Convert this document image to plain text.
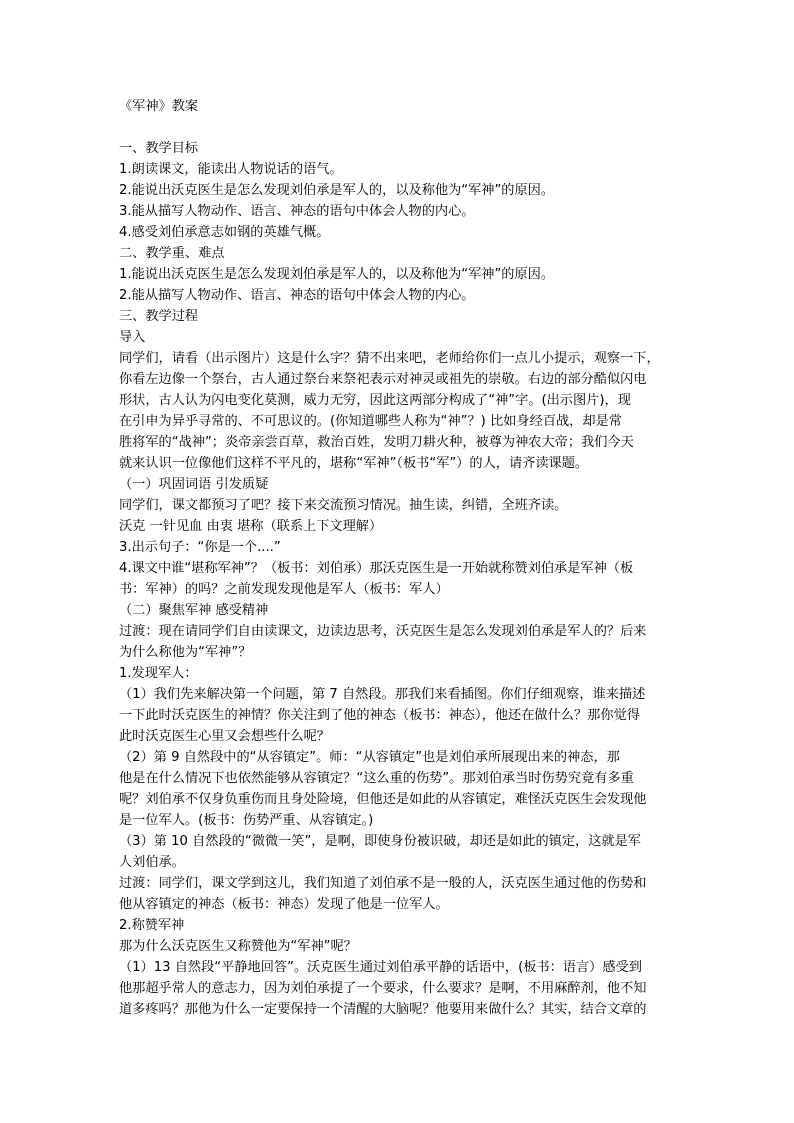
《军神》教案
一、教学目标
1.朗读课文，能读出人物说话的语气。
2.能说出沃克医生是怎么发现刘伯承是军人的，以及称他为“军神”的原因。
3.能从描写人物动作、语言、神态的语句中体会人物的内心。
4.感受刘伯承意志如钢的英雄气概。
二、教学重、难点
1.能说出沃克医生是怎么发现刘伯承是军人的，以及称他为“军神”的原因。
2.能从描写人物动作、语言、神态的语句中体会人物的内心。
三、教学过程
导入
同学们，请看（出示图片）这是什么字？猜不出来吧，老师给你们一点儿小提示，观察一下，
你看左边像一个祭台，古人通过祭台来祭祀表示对神灵或祖先的崇敬。右边的部分酷似闪电
形状，古人认为闪电变化莫测，威力无穷，因此这两部分构成了“神”字。(出示图片)，现
在引申为异乎寻常的、不可思议的。(你知道哪些人称为“神”？) 比如身经百战，却是常
胜将军的“战神”；炎帝亲尝百草，救治百姓，发明刀耕火种，被尊为神农大帝；我们今天
就来认识一位像他们这样不平凡的，堪称“军神”（板书“军”）的人，请齐读课题。
（一）巩固词语 引发质疑
同学们，课文都预习了吧？接下来交流预习情况。抽生读，纠错，全班齐读。
沃克 一针见血 由衷 堪称（联系上下文理解）
3.出示句子：“你是一个....”
4.课文中谁“堪称军神”？（板书：刘伯承）那沃克医生是一开始就称赞刘伯承是军神（板
书：军神）的吗？之前发现发现他是军人（板书：军人）
（二）聚焦军神 感受精神
过渡：现在请同学们自由读课文，边读边思考，沃克医生是怎么发现刘伯承是军人的？后来
为什么称他为“军神”？
1.发现军人：
（1）我们先来解决第一个问题，第 7 自然段。那我们来看插图。你们仔细观察，谁来描述
一下此时沃克医生的神情？你关注到了他的神态（板书：神态），他还在做什么？那你觉得
此时沃克医生心里又会想些什么呢？
（2）第 9 自然段中的“从容镇定”。师：“从容镇定”也是刘伯承所展现出来的神态，那
他是在什么情况下也依然能够从容镇定？“这么重的伤势”。那刘伯承当时伤势究竟有多重
呢？刘伯承不仅身负重伤而且身处险境，但他还是如此的从容镇定，难怪沃克医生会发现他
是一位军人。(板书：伤势严重、从容镇定。)
（3）第 10 自然段的“微微一笑”，是啊，即使身份被识破，却还是如此的镇定，这就是军
人刘伯承。
过渡：同学们，课文学到这儿，我们知道了刘伯承不是一般的人，沃克医生通过他的伤势和
他从容镇定的神态（板书：神态）发现了他是一位军人。
2.称赞军神
那为什么沃克医生又称赞他为“军神”呢？
（1）13 自然段“平静地回答”。沃克医生通过刘伯承平静的话语中，(板书：语言）感受到
他那超乎常人的意志力，因为刘伯承提了一个要求，什么要求？是啊，不用麻醉剂，他不知
道多疼吗？那他为什么一定要保持一个清醒的大脑呢？他要用来做什么？其实，结合文章的
